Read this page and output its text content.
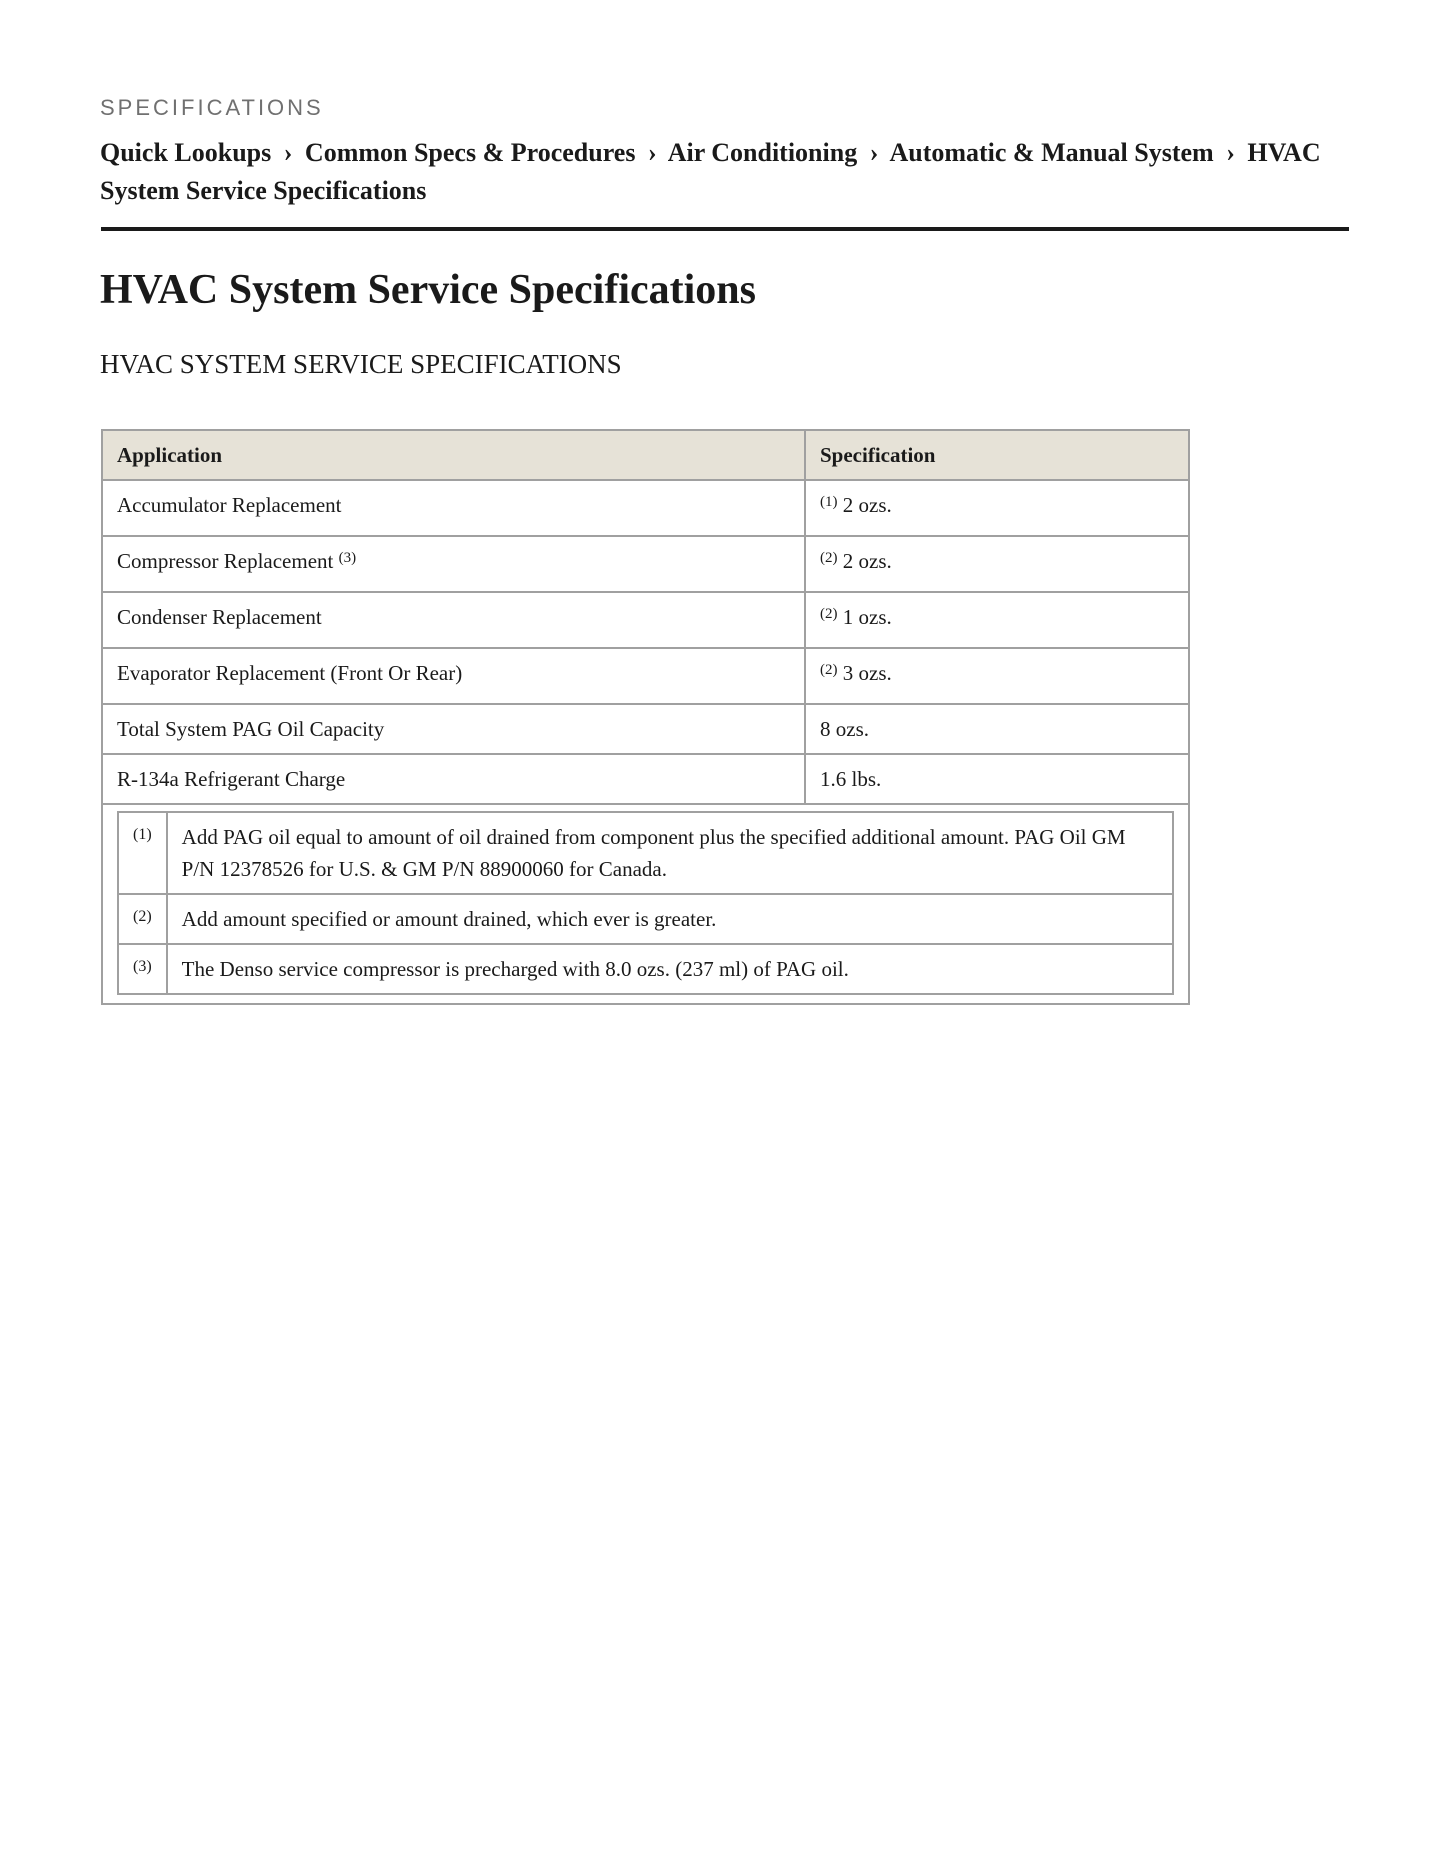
SPECIFICATIONS
Quick Lookups › Common Specs & Procedures › Air Conditioning › Automatic & Manual System › HVAC System Service Specifications
HVAC System Service Specifications
HVAC SYSTEM SERVICE SPECIFICATIONS
Application	Specification
Accumulator Replacement	$^{(1)}$ 2 ozs.
Compressor Replacement $^{(3)}$	$^{(2)}$ 2 ozs.
Condenser Replacement	$^{(2)}$ 1 ozs.
Evaporator Replacement (Front Or Rear)	$^{(2)}$ 3 ozs.
Total System PAG Oil Capacity	8 ozs.
R-134a Refrigerant Charge	1.6 lbs.

(1)	Add PAG oil equal to amount of oil drained from component plus the specified additional amount. PAG Oil GM P/N 12378526 for U.S. & GM P/N 88900060 for Canada.
(2)	Add amount specified or amount drained, which ever is greater.
(3)	The Denso service compressor is precharged with 8.0 ozs. (237 ml) of PAG oil.
